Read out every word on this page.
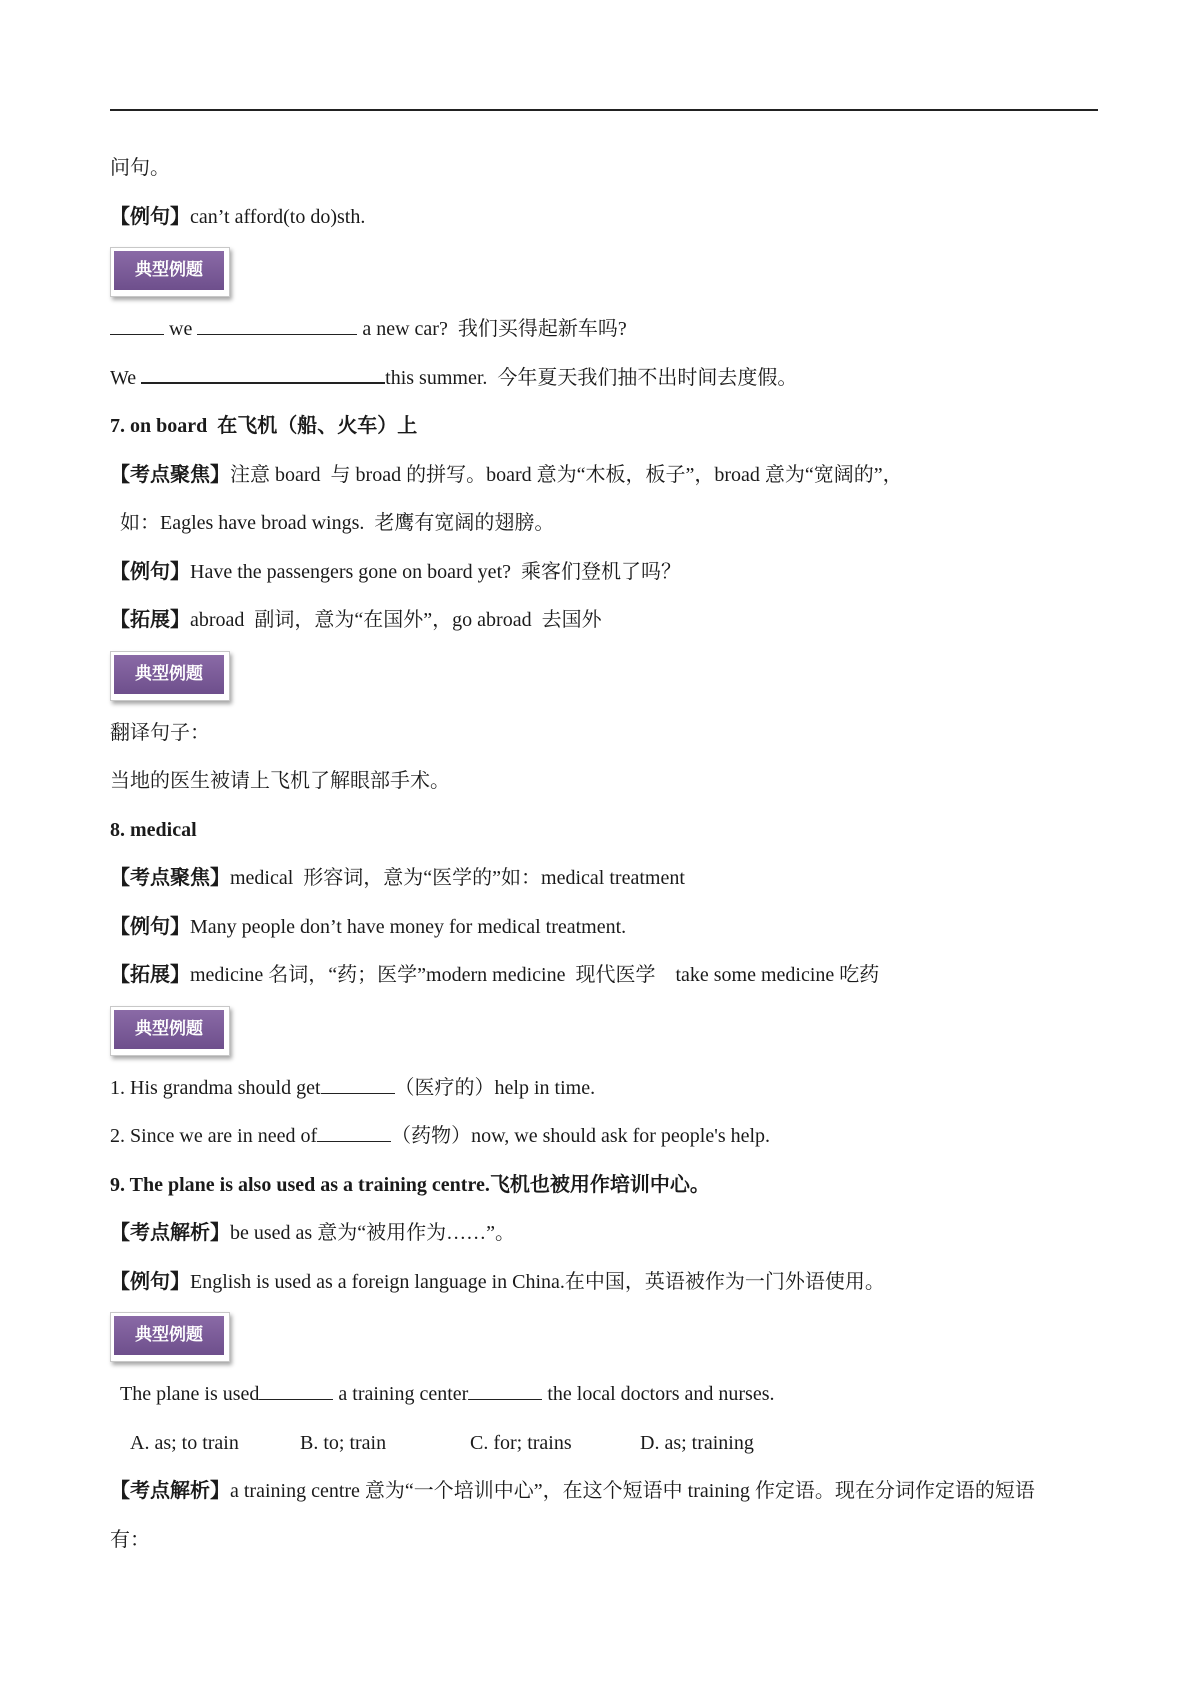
问句。
【例句】can’t afford(to do)sth.
典型例题
we	a new car?  我们买得起新车吗?
We	this summer.  今年夏天我们抽不出时间去度假。
7. on board  在飞机（船、火车）上
【考点聚焦】注意 board  与 broad 的拼写。board 意为“木板，板子”，broad 意为“宽阔的”，
如：Eagles have broad wings.  老鹰有宽阔的翅膀。
【例句】Have the passengers gone on board yet?  乘客们登机了吗？
【拓展】abroad  副词，意为“在国外”，go abroad  去国外
典型例题
翻译句子：
当地的医生被请上飞机了解眼部手术。
8. medical
【考点聚焦】medical  形容词，意为“医学的”如：medical treatment
【例句】Many people don’t have money for medical treatment.
【拓展】medicine 名词，“药；医学”modern medicine  现代医学    take some medicine 吃药
典型例题
1. His grandma should get	（医疗的）help in time.
2. Since we are in need of	（药物）now, we should ask for people's help.
9. The plane is also used as a training centre.飞机也被用作培训中心。
【考点解析】be used as 意为“被用作为……”。
【例句】English is used as a foreign language in China.在中国，英语被作为一门外语使用。
典型例题
The plane is used	a training center	the local doctors and nurses.
A. as; to train	B. to; train	C. for; trains	D. as; training
【考点解析】a training centre 意为“一个培训中心”，在这个短语中 training 作定语。现在分词作定语的短语
有：
